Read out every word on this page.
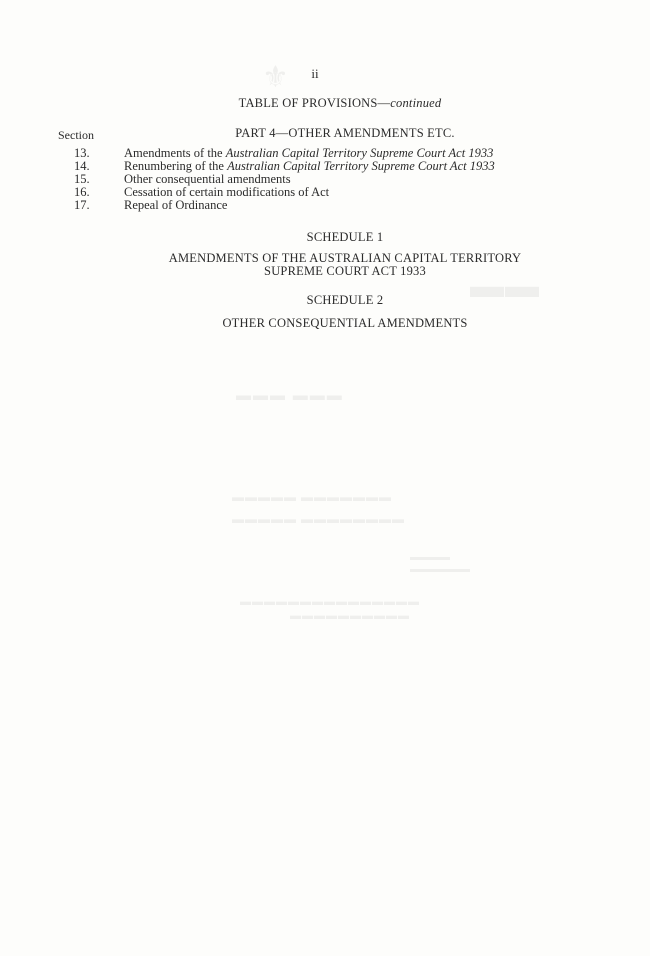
⚜
▬▬
▬▬▬ ▬▬▬
▬▬▬▬▬ ▬▬▬▬▬▬▬
▬▬▬▬▬ ▬▬▬▬▬▬▬▬
▬▬▬▬
▬▬▬▬▬▬
▬▬▬▬▬▬▬▬▬▬▬▬▬▬▬
▬▬▬▬▬▬▬▬▬▬
ii
TABLE OF PROVISIONS—continued
Section	PART 4—OTHER AMENDMENTS ETC.
13.	Amendments of the Australian Capital Territory Supreme Court Act 1933
14.	Renumbering of the Australian Capital Territory Supreme Court Act 1933
15.	Other consequential amendments
16.	Cessation of certain modifications of Act
17.	Repeal of Ordinance
SCHEDULE 1
AMENDMENTS OF THE AUSTRALIAN CAPITAL TERRITORY
SUPREME COURT ACT 1933
SCHEDULE 2
OTHER CONSEQUENTIAL AMENDMENTS
